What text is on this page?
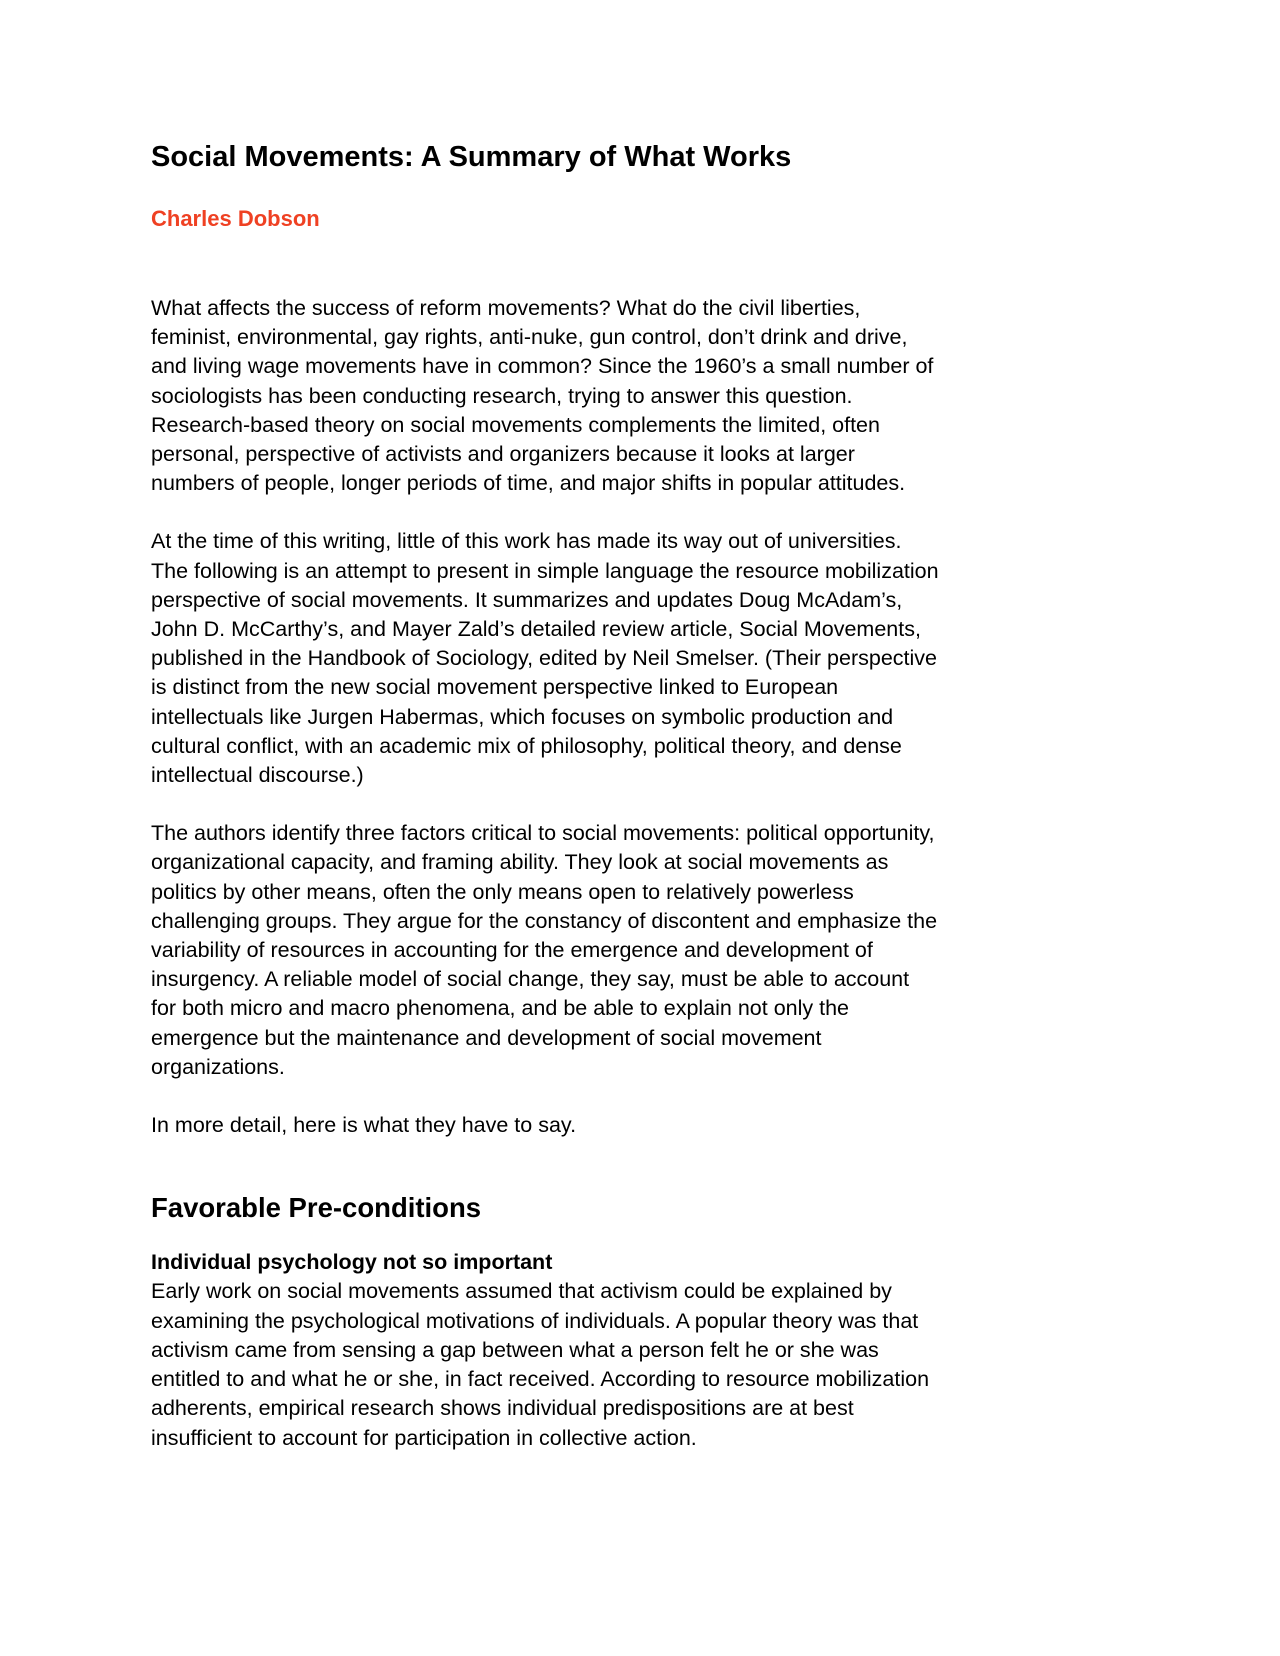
Social Movements: A Summary of What Works
Charles Dobson

What affects the success of reform movements? What do the civil liberties,
feminist, environmental, gay rights, anti-nuke, gun control, don’t drink and drive,
and living wage movements have in common? Since the 1960’s a small number of
sociologists has been conducting research, trying to answer this question.
Research-based theory on social movements complements the limited, often
personal, perspective of activists and organizers because it looks at larger
numbers of people, longer periods of time, and major shifts in popular attitudes.

At the time of this writing, little of this work has made its way out of universities.
The following is an attempt to present in simple language the resource mobilization
perspective of social movements. It summarizes and updates Doug McAdam’s,
John D. McCarthy’s, and Mayer Zald’s detailed review article, Social Movements,
published in the Handbook of Sociology, edited by Neil Smelser. (Their perspective
is distinct from the new social movement perspective linked to European
intellectuals like Jurgen Habermas, which focuses on symbolic production and
cultural conflict, with an academic mix of philosophy, political theory, and dense
intellectual discourse.)

The authors identify three factors critical to social movements: political opportunity,
organizational capacity, and framing ability. They look at social movements as
politics by other means, often the only means open to relatively powerless
challenging groups. They argue for the constancy of discontent and emphasize the
variability of resources in accounting for the emergence and development of
insurgency. A reliable model of social change, they say, must be able to account
for both micro and macro phenomena, and be able to explain not only the
emergence but the maintenance and development of social movement
organizations.

In more detail, here is what they have to say.

Favorable Pre-conditions
Individual psychology not so important

Early work on social movements assumed that activism could be explained by
examining the psychological motivations of individuals. A popular theory was that
activism came from sensing a gap between what a person felt he or she was
entitled to and what he or she, in fact received. According to resource mobilization
adherents, empirical research shows individual predispositions are at best
insufficient to account for participation in collective action.
